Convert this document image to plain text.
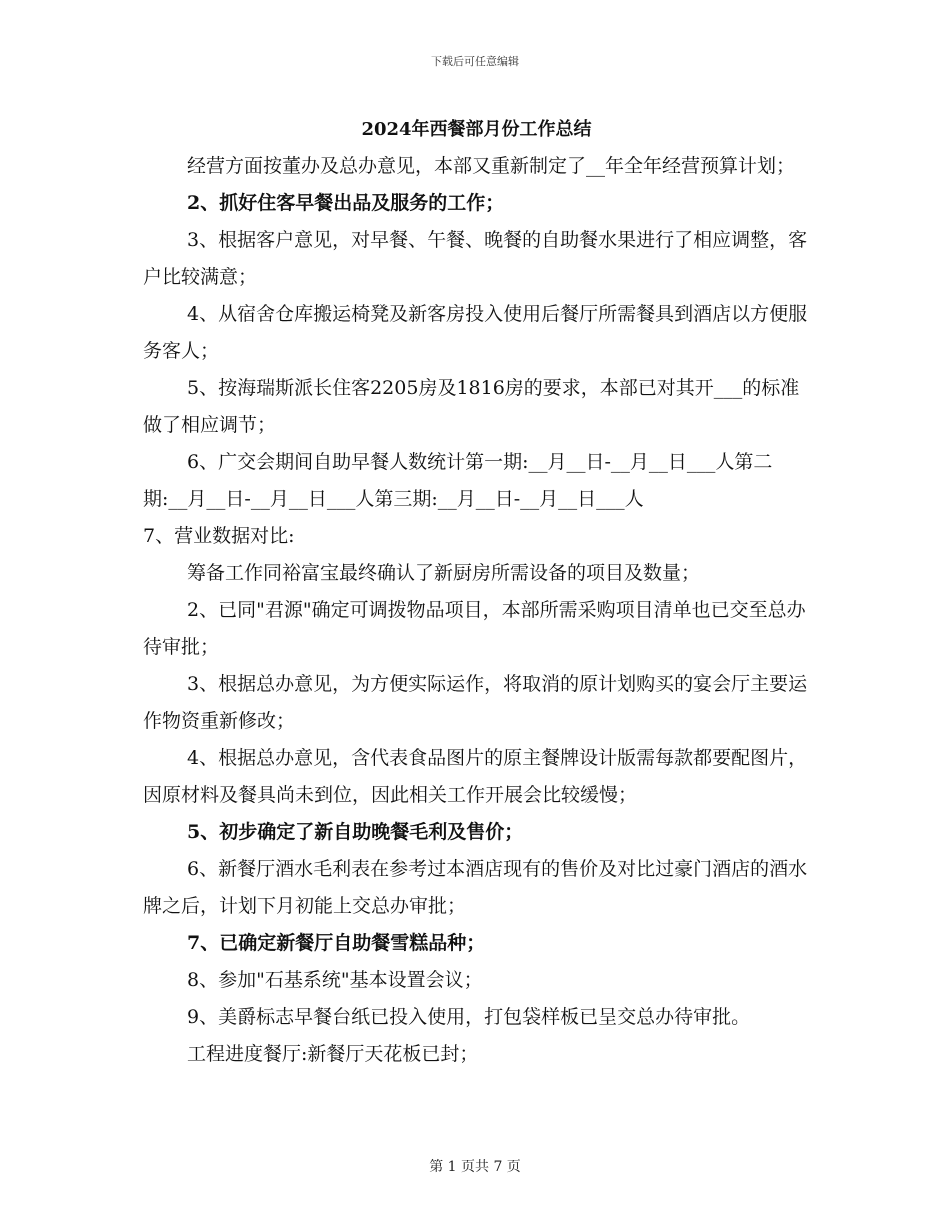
下载后可任意编辑
2024年西餐部月份工作总结

经营方面按董办及总办意见，本部又重新制定了__年全年经营预算计划；

2、抓好住客早餐出品及服务的工作；

3、根据客户意见，对早餐、午餐、晚餐的自助餐水果进行了相应调整，客户比较满意；

4、从宿舍仓库搬运椅凳及新客房投入使用后餐厅所需餐具到酒店以方便服务客人；

5、按海瑞斯派长住客2205房及1816房的要求，本部已对其开___的标准做了相应调节；

6、广交会期间自助早餐人数统计第一期:__月__日-__月__日___人第二期:__月__日-__月__日___人第三期:__月__日-__月__日___人

7、营业数据对比:

筹备工作同裕富宝最终确认了新厨房所需设备的项目及数量；

2、已同"君源"确定可调拨物品项目，本部所需采购项目清单也已交至总办待审批；

3、根据总办意见，为方便实际运作，将取消的原计划购买的宴会厅主要运作物资重新修改；

4、根据总办意见，含代表食品图片的原主餐牌设计版需每款都要配图片，因原材料及餐具尚未到位，因此相关工作开展会比较缓慢；

5、初步确定了新自助晚餐毛利及售价；

6、新餐厅酒水毛利表在参考过本酒店现有的售价及对比过豪门酒店的酒水牌之后，计划下月初能上交总办审批；

7、已确定新餐厅自助餐雪糕品种；

8、参加"石基系统"基本设置会议；

9、美爵标志早餐台纸已投入使用，打包袋样板已呈交总办待审批。

工程进度餐厅:新餐厅天花板已封；

第 1 页共 7 页
